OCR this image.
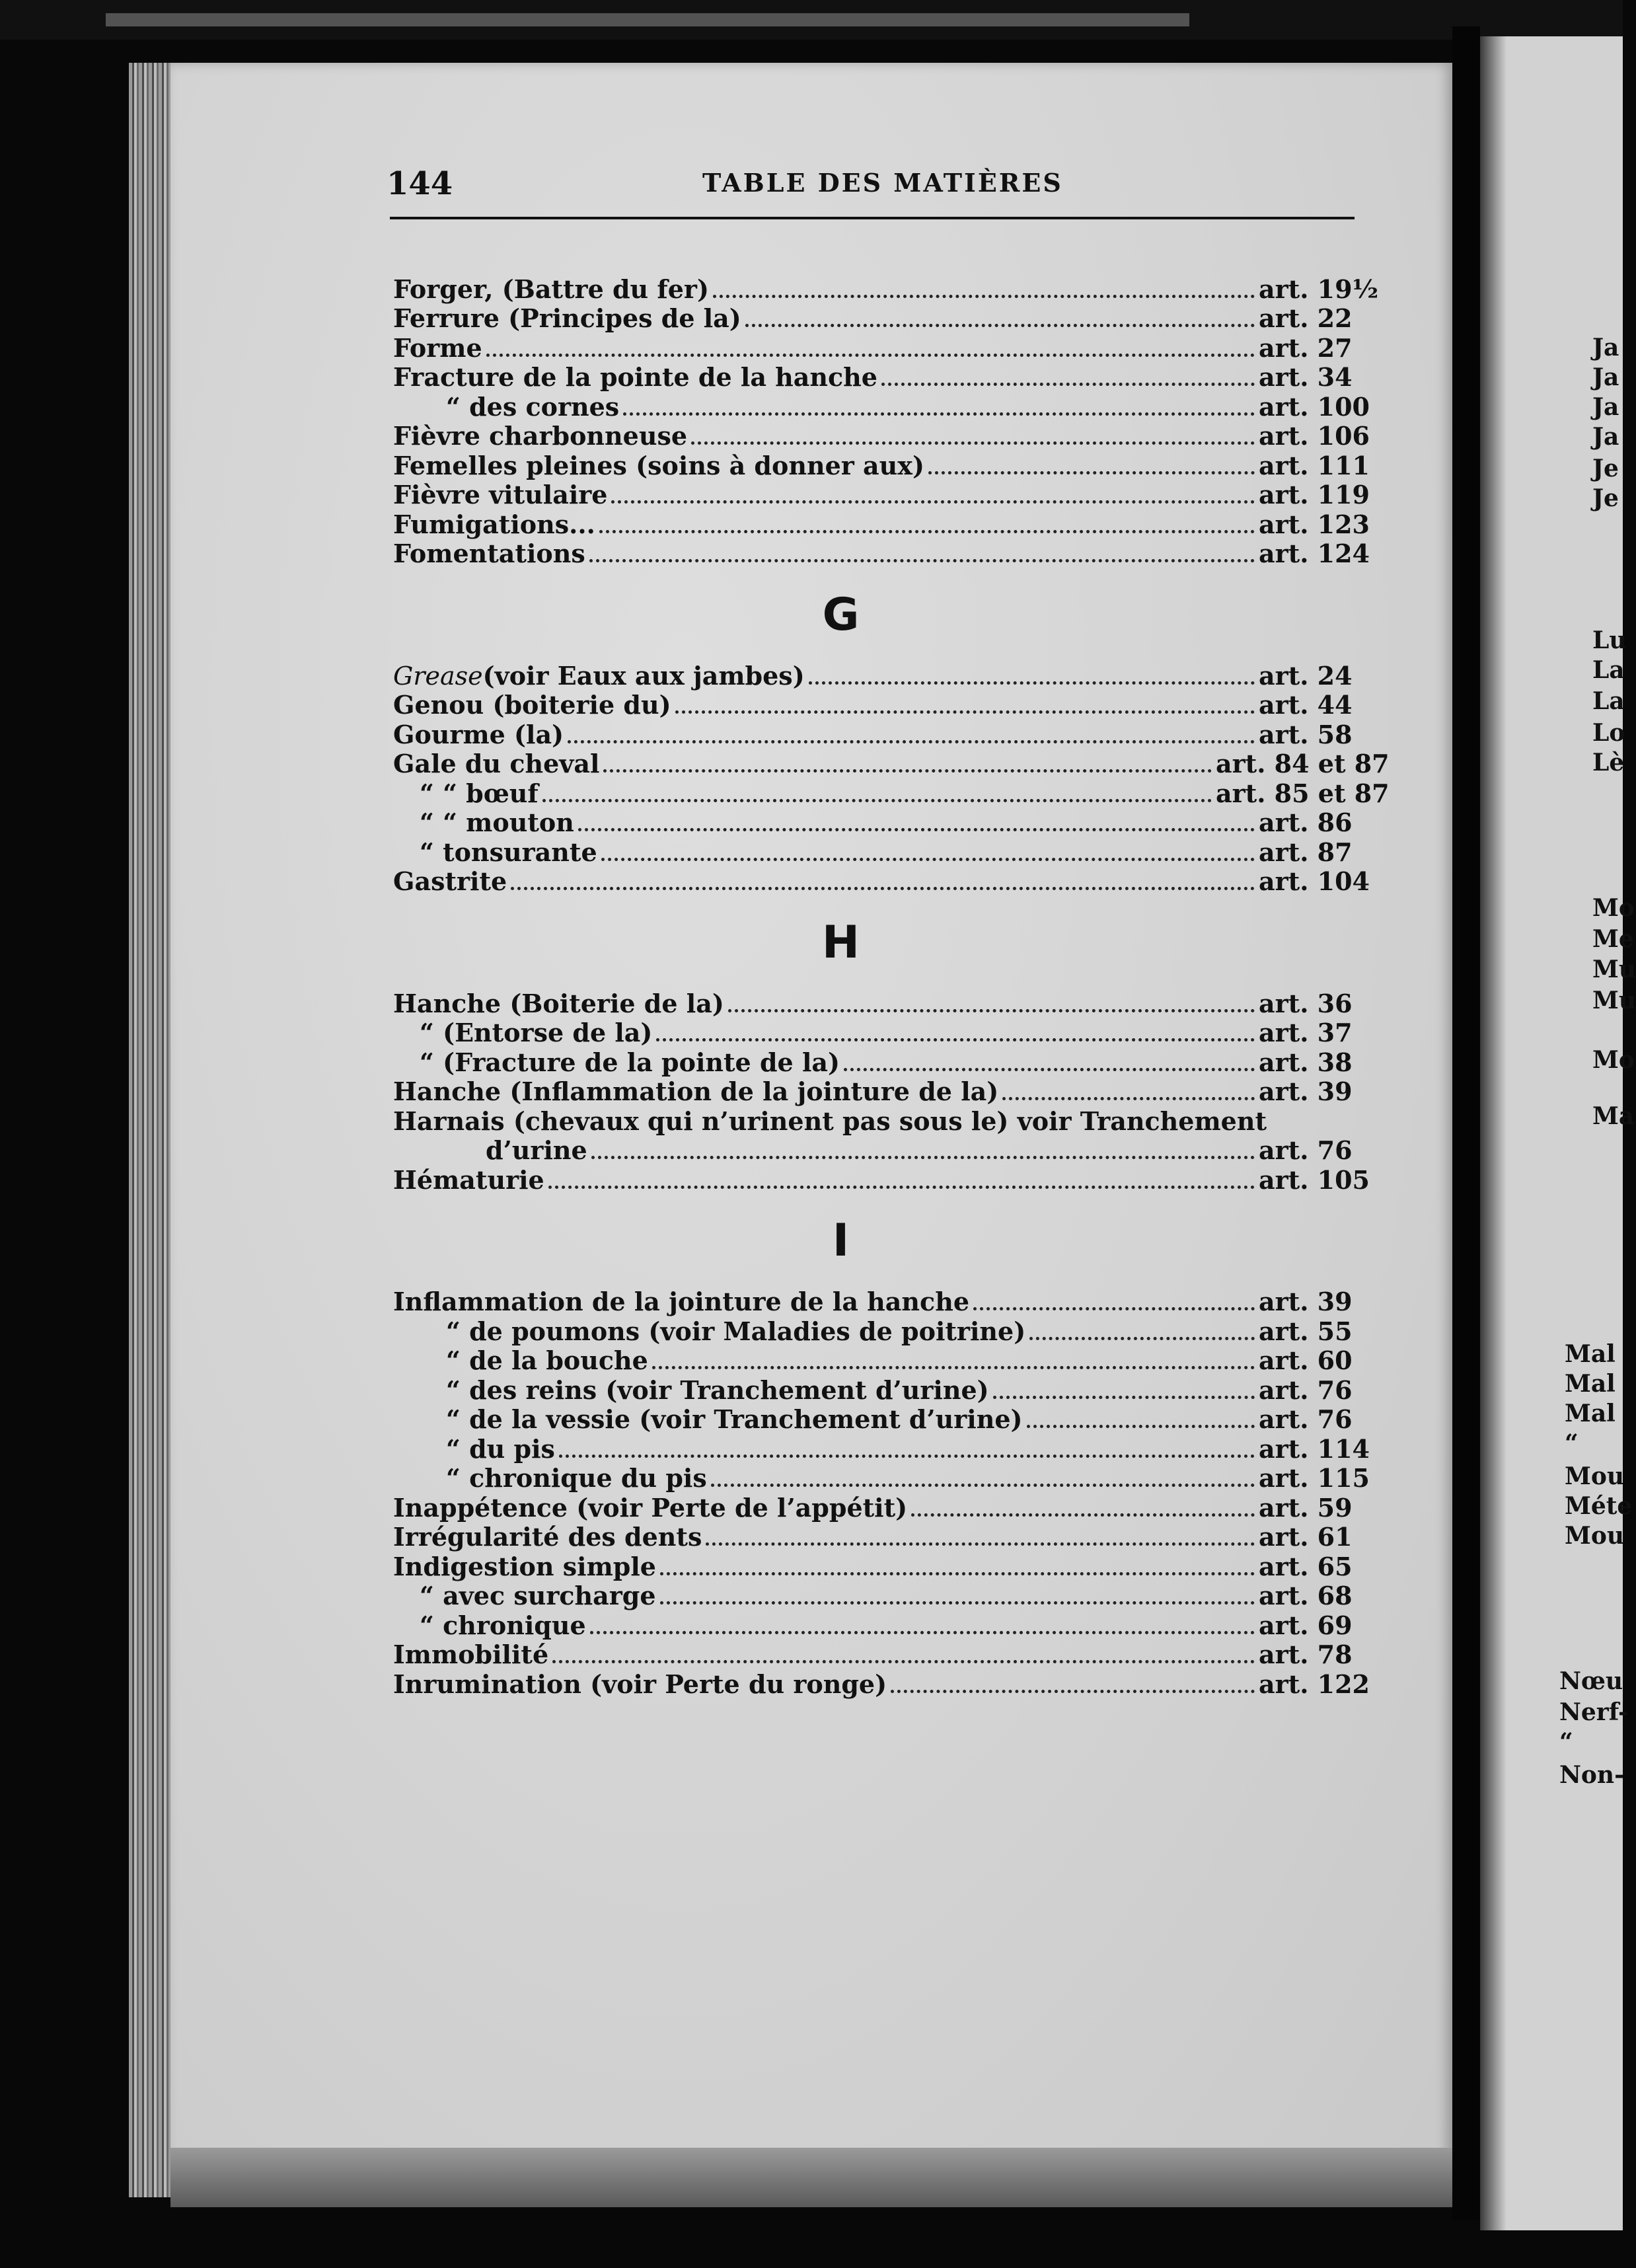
144	TABLE DES MATIÈRES
Forger, (Battre du fer)	art. 19½
Ferrure (Principes de la)	art. 22
Forme	art. 27
Fracture de la pointe de la hanche	art. 34
“ des cornes	art. 100
Fièvre charbonneuse	art. 106
Femelles pleines (soins à donner aux)	art. 111
Fièvre vitulaire	art. 119
Fumigations...	art. 123
Fomentations	art. 124
G
Grease (voir Eaux aux jambes)	art. 24
Genou (boiterie du)	art. 44
Gourme (la)	art. 58
Gale du cheval	art. 84 et 87
“ “ bœuf	art. 85 et 87
“ “ mouton	art. 86
“ tonsurante	art. 87
Gastrite	art. 104
H
Hanche (Boiterie de la)	art. 36
“ (Entorse de la)	art. 37
“ (Fracture de la pointe de la)	art. 38
Hanche (Inflammation de la jointure de la)	art. 39
Harnais (chevaux qui n’urinent pas sous le) voir Tranchement
d’urine	art. 76
Hématurie	art. 105
I
Inflammation de la jointure de la hanche	art. 39
“ de poumons (voir Maladies de poitrine)	art. 55
“ de la bouche	art. 60
“ des reins (voir Tranchement d’urine)	art. 76
“ de la vessie (voir Tranchement d’urine)	art. 76
“ du pis	art. 114
“ chronique du pis	art. 115
Inappétence (voir Perte de l’appétit)	art. 59
Irrégularité des dents	art. 61
Indigestion simple	art. 65
“ avec surcharge	art. 68
“ chronique	art. 69
Immobilité	art. 78
Inrumination (voir Perte du ronge)	art. 122
Ja
Ja
Ja
Ja
Je
Je
Lu
La
La
Lo
Lè
Mo
Me
Mu
Mu
Mo
Ma
Mal
Mal
Mal
“
Mou
Méte
Mou
Nœu
Nerf-
“
Non-
